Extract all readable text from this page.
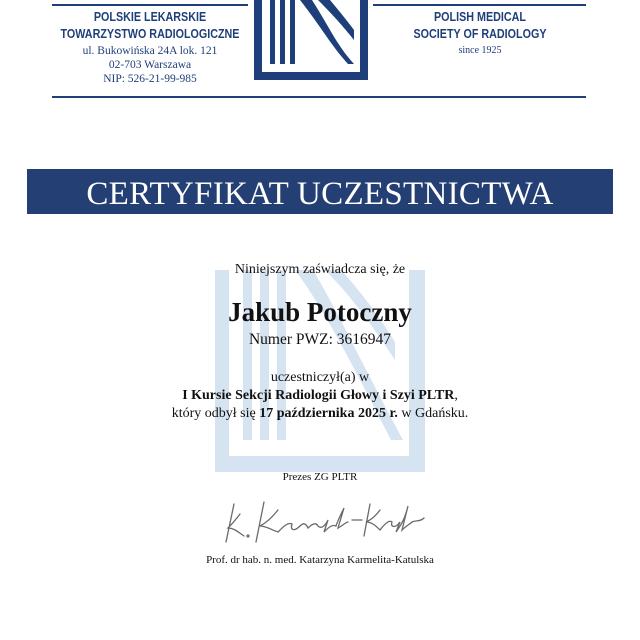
POLSKIE LEKARSKIE
TOWARZYSTWO RADIOLOGICZNE
ul. Bukowińska 24A lok. 121
02-703 Warszawa
NIP: 526-21-99-985
POLISH MEDICAL
SOCIETY OF RADIOLOGY
since 1925
CERTYFIKAT UCZESTNICTWA
Niniejszym zaświadcza się, że
Jakub Potoczny
Numer PWZ: 3616947
uczestniczył(a) w
I Kursie Sekcji Radiologii Głowy i Szyi PLTR,
który odbył się 17 października 2025 r. w Gdańsku.
Prezes ZG PLTR
Prof. dr hab. n. med. Katarzyna Karmelita-Katulska
